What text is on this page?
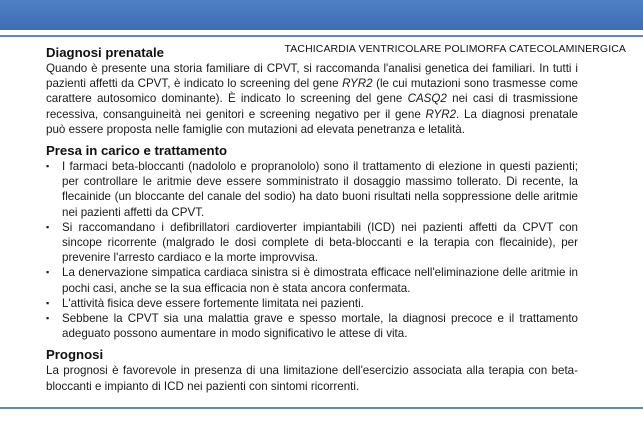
TACHICARDIA VENTRICOLARE POLIMORFA CATECOLAMINERGICA
Diagnosi prenatale

Quando è presente una storia familiare di CPVT, si raccomanda l'analisi genetica dei familiari. In tutti i pazienti affetti da CPVT, è indicato lo screening del gene RYR2 (le cui mutazioni sono trasmesse come carattere autosomico dominante). È indicato lo screening del gene CASQ2 nei casi di trasmissione recessiva, consanguineità nei genitori e screening negativo per il gene RYR2. La diagnosi prenatale può essere proposta nelle famiglie con mutazioni ad elevata penetranza e letalità.

Presa in carico e trattamento
▪ I farmaci beta-bloccanti (nadololo e propranololo) sono il trattamento di elezione in questi pazienti; per controllare le aritmie deve essere somministrato il dosaggio massimo tollerato. Di recente, la flecainide (un bloccante del canale del sodio) ha dato buoni risultati nella soppressione delle aritmie nei pazienti affetti da CPVT.
▪ Si raccomandano i defibrillatori cardioverter impiantabili (ICD) nei pazienti affetti da CPVT con sincope ricorrente (malgrado le dosi complete di beta-bloccanti e la terapia con flecainide), per prevenire l'arresto cardiaco e la morte improvvisa.
▪ La denervazione simpatica cardiaca sinistra si è dimostrata efficace nell'eliminazione delle aritmie in pochi casi, anche se la sua efficacia non è stata ancora confermata.
▪ L'attività fisica deve essere fortemente limitata nei pazienti.
▪ Sebbene la CPVT sia una malattia grave e spesso mortale, la diagnosi precoce e il trattamento adeguato possono aumentare in modo significativo le attese di vita.
Prognosi

La prognosi è favorevole in presenza di una limitazione dell'esercizio associata alla terapia con beta-bloccanti e impianto di ICD nei pazienti con sintomi ricorrenti.
